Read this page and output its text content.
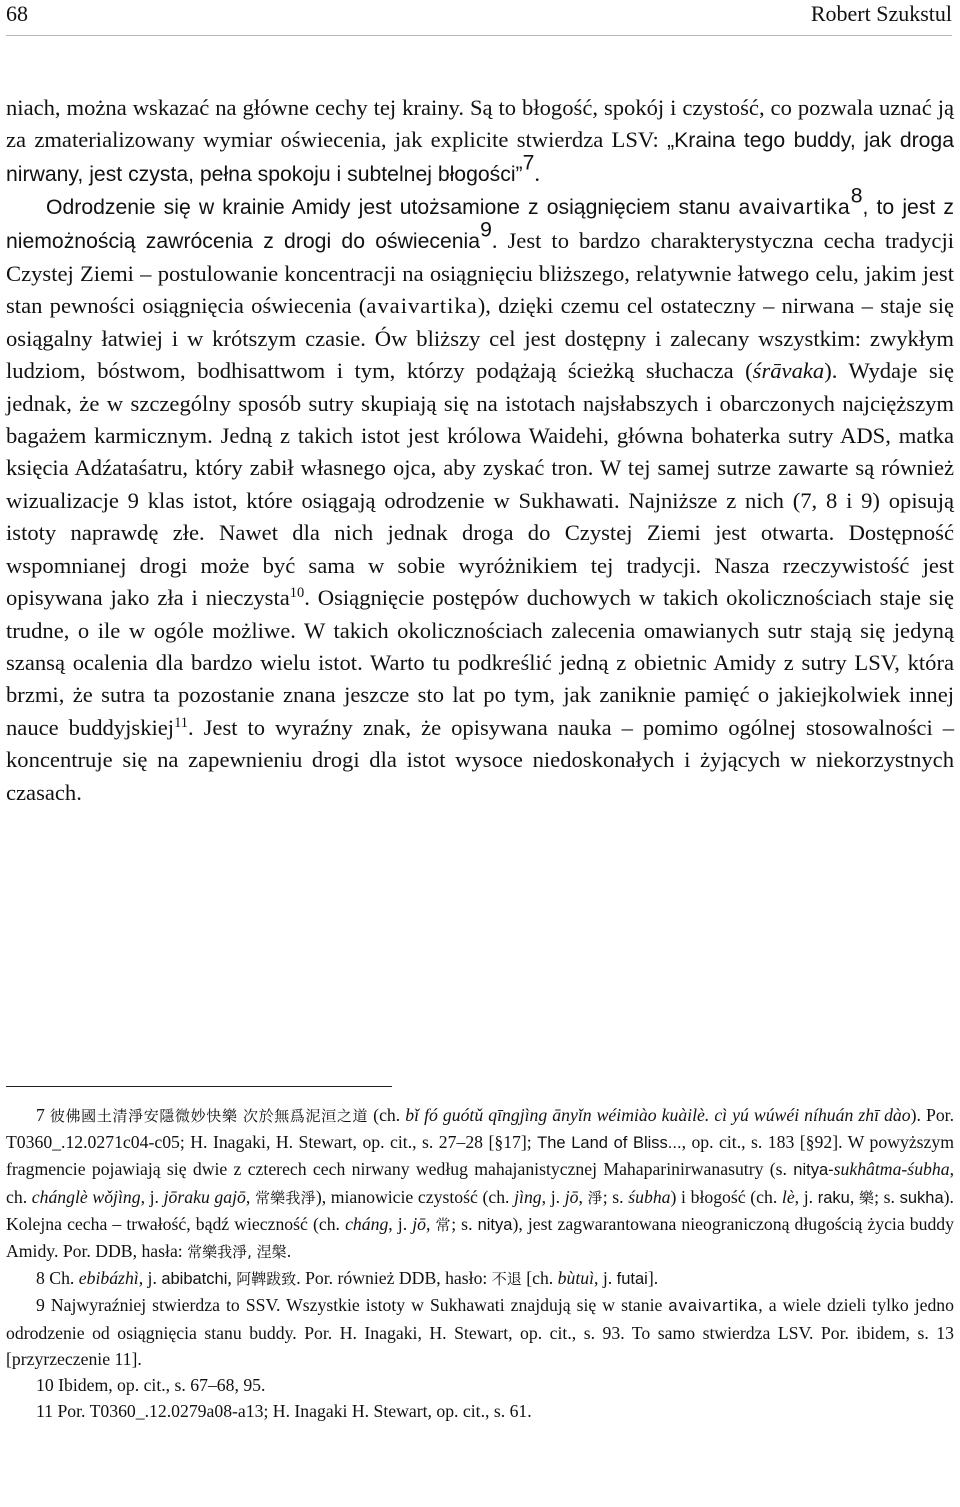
68	Robert Szukstul

niach, można wskazać na główne cechy tej krainy. Są to błogość, spokój i czystość, co pozwala uznać ją za zmaterializowany wymiar oświecenia, jak explicite stwierdza LSV: „Kraina tego buddy, jak droga nirwany, jest czysta, pełna spokoju i subtelnej błogości”$^7$.

Odrodzenie się w krainie Amidy jest utożsamione z osiągnięciem stanu avaivartika$^8$, to jest z niemożnością zawrócenia z drogi do oświecenia$^9$. Jest to bardzo charakterystyczna cecha tradycji Czystej Ziemi – postulowanie koncentracji na osiągnięciu bliższego, relatywnie łatwego celu, jakim jest stan pewności osiągnięcia oświecenia (avaivartika), dzięki czemu cel ostateczny – nirwana – staje się osiągalny łatwiej i w krótszym czasie. Ów bliższy cel jest dostępny i zalecany wszystkim: zwykłym ludziom, bóstwom, bodhisattwom i tym, którzy podążają ścieżką słuchacza (śrāvaka). Wydaje się jednak, że w szczególny sposób sutry skupiają się na istotach najsłabszych i obarczonych najcięższym bagażem karmicznym. Jedną z takich istot jest królowa Waidehi, główna bohaterka sutry ADS, matka księcia Adźataśatru, który zabił własnego ojca, aby zyskać tron. W tej samej sutrze zawarte są również wizualizacje 9 klas istot, które osiągają odrodzenie w Sukhawati. Najniższe z nich (7, 8 i 9) opisują istoty naprawdę złe. Nawet dla nich jednak droga do Czystej Ziemi jest otwarta. Dostępność wspomnianej drogi może być sama w sobie wyróżnikiem tej tradycji. Nasza rzeczywistość jest opisywana jako zła i nieczysta$^{10}$. Osiągnięcie postępów duchowych w takich okolicznościach staje się trudne, o ile w ogóle możliwe. W takich okolicznościach zalecenia omawianych sutr stają się jedyną szansą ocalenia dla bardzo wielu istot. Warto tu podkreślić jedną z obietnic Amidy z sutry LSV, która brzmi, że sutra ta pozostanie znana jeszcze sto lat po tym, jak zaniknie pamięć o jakiejkolwiek innej nauce buddyjskiej$^{11}$. Jest to wyraźny znak, że opisywana nauka – pomimo ogólnej stosowalności – koncentruje się na zapewnieniu drogi dla istot wysoce niedoskonałych i żyjących w niekorzystnych czasach.

7 彼佛國土清淨安隱微妙快樂 次於無爲泥洹之道 (ch. bǐ fó guótǔ qīngjìng ānyǐn wéimiào kuàilè. cì yú wúwéi níhuán zhī dào). Por. T0360_.12.0271c04-c05; H. Inagaki, H. Stewart, op. cit., s. 27–28 [§17]; The Land of Bliss..., op. cit., s. 183 [§92]. W powyższym fragmencie pojawiają się dwie z czterech cech nirwany według mahajanistycznej Mahaparinirwanasutry (s. nitya-sukhâtma-śubha, ch. chánglè wǒjìng, j. jōraku gajō, 常樂我淨), mianowicie czystość (ch. jìng, j. jō, 淨; s. śubha) i błogość (ch. lè, j. raku, 樂; s. sukha). Kolejna cecha – trwałość, bądź wieczność (ch. cháng, j. jō, 常; s. nitya), jest zagwarantowana nieograniczoną długością życia buddy Amidy. Por. DDB, hasła: 常樂我淨, 涅槃.

8 Ch. ebibázhì, j. abibatchi, 阿鞞跋致. Por. również DDB, hasło: 不退 [ch. bùtuì, j. futai].

9 Najwyraźniej stwierdza to SSV. Wszystkie istoty w Sukhawati znajdują się w stanie avaivartika, a wiele dzieli tylko jedno odrodzenie od osiągnięcia stanu buddy. Por. H. Inagaki, H. Stewart, op. cit., s. 93. To samo stwierdza LSV. Por. ibidem, s. 13 [przyrzeczenie 11].

10 Ibidem, op. cit., s. 67–68, 95.

11 Por. T0360_.12.0279a08-a13; H. Inagaki H. Stewart, op. cit., s. 61.
